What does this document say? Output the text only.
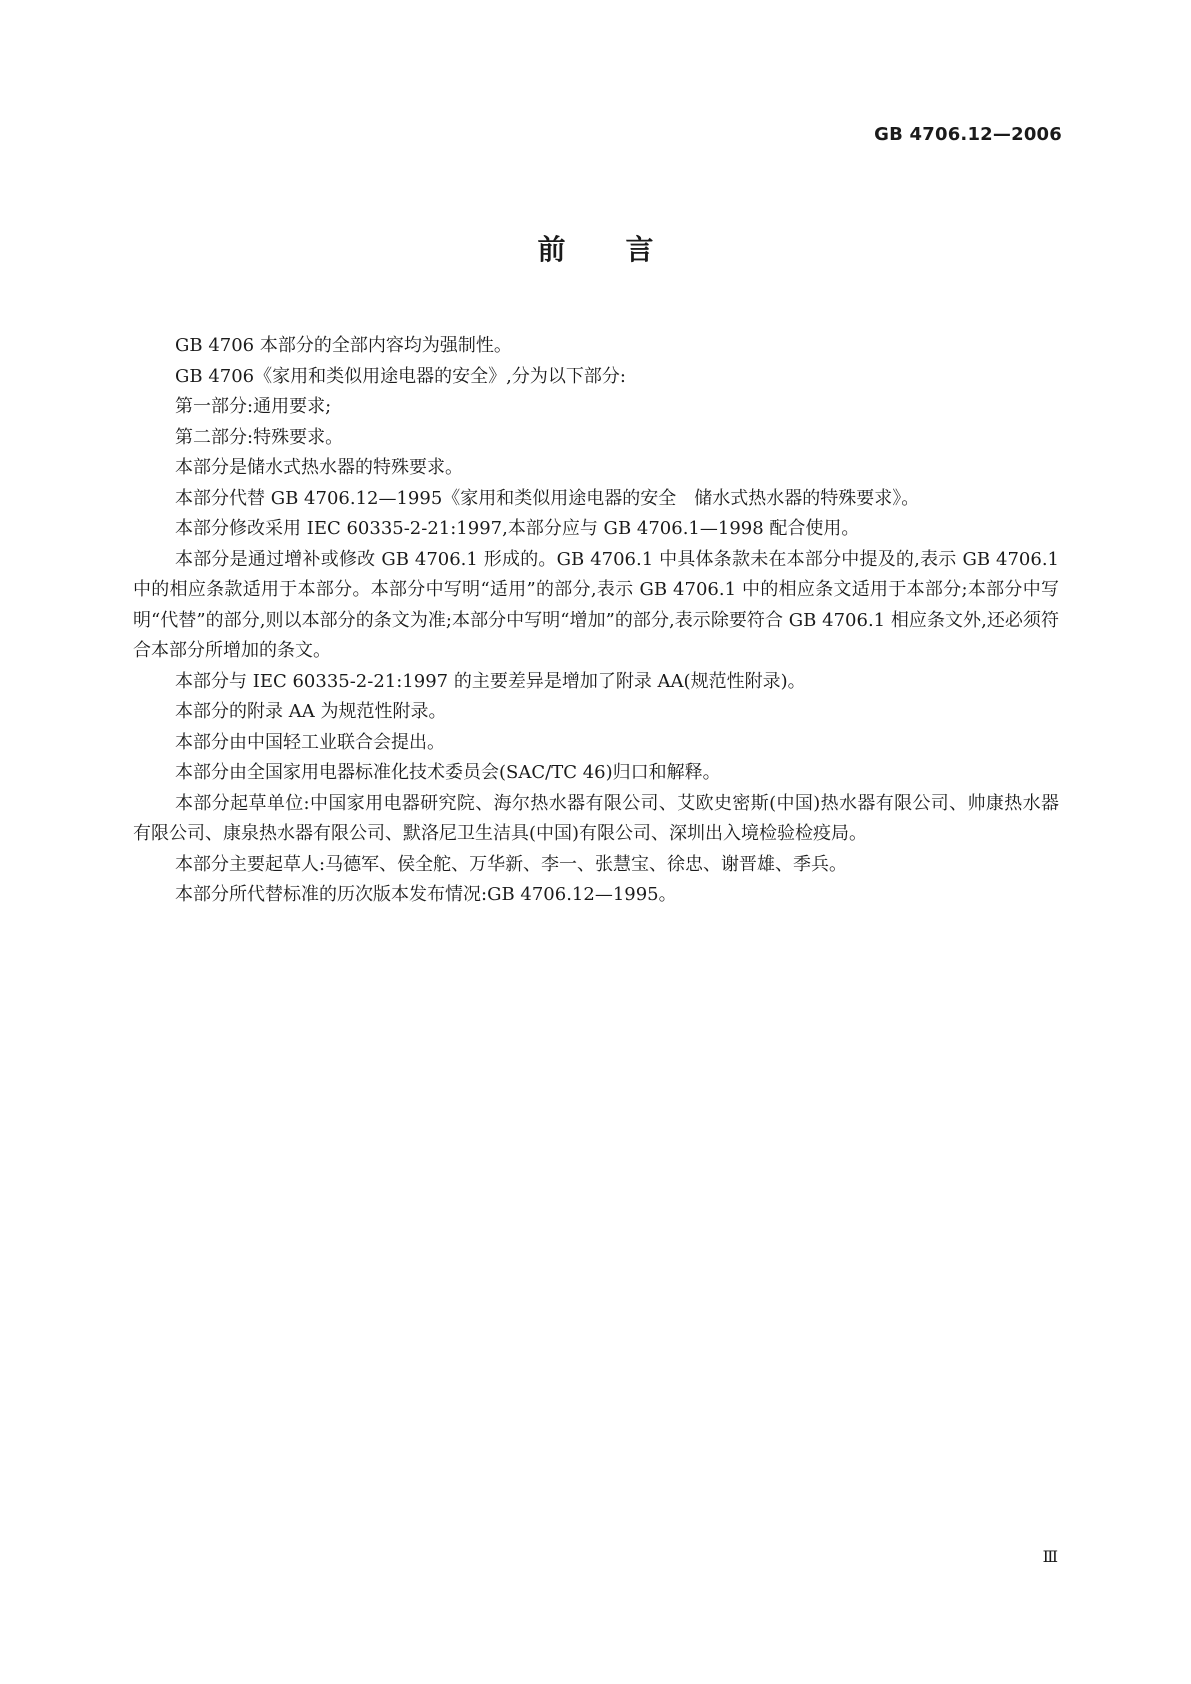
GB 4706.12—2006
前言

GB 4706 本部分的全部内容均为强制性。

GB 4706《家用和类似用途电器的安全》,分为以下部分:

第一部分:通用要求;

第二部分:特殊要求。

本部分是储水式热水器的特殊要求。

本部分代替 GB 4706.12—1995《家用和类似用途电器的安全　储水式热水器的特殊要求》。

本部分修改采用 IEC 60335-2-21:1997,本部分应与 GB 4706.1—1998 配合使用。

本部分是通过增补或修改 GB 4706.1 形成的。GB 4706.1 中具体条款未在本部分中提及的,表示 GB 4706.1 中的相应条款适用于本部分。本部分中写明“适用”的部分,表示 GB 4706.1 中的相应条文适用于本部分;本部分中写明“代替”的部分,则以本部分的条文为准;本部分中写明“增加”的部分,表示除要符合 GB 4706.1 相应条文外,还必须符合本部分所增加的条文。

本部分与 IEC 60335-2-21:1997 的主要差异是增加了附录 AA(规范性附录)。

本部分的附录 AA 为规范性附录。

本部分由中国轻工业联合会提出。

本部分由全国家用电器标准化技术委员会(SAC/TC 46)归口和解释。

本部分起草单位:中国家用电器研究院、海尔热水器有限公司、艾欧史密斯(中国)热水器有限公司、帅康热水器有限公司、康泉热水器有限公司、默洛尼卫生洁具(中国)有限公司、深圳出入境检验检疫局。

本部分主要起草人:马德军、侯全舵、万华新、李一、张慧宝、徐忠、谢晋雄、季兵。

本部分所代替标准的历次版本发布情况:GB 4706.12—1995。

Ⅲ
